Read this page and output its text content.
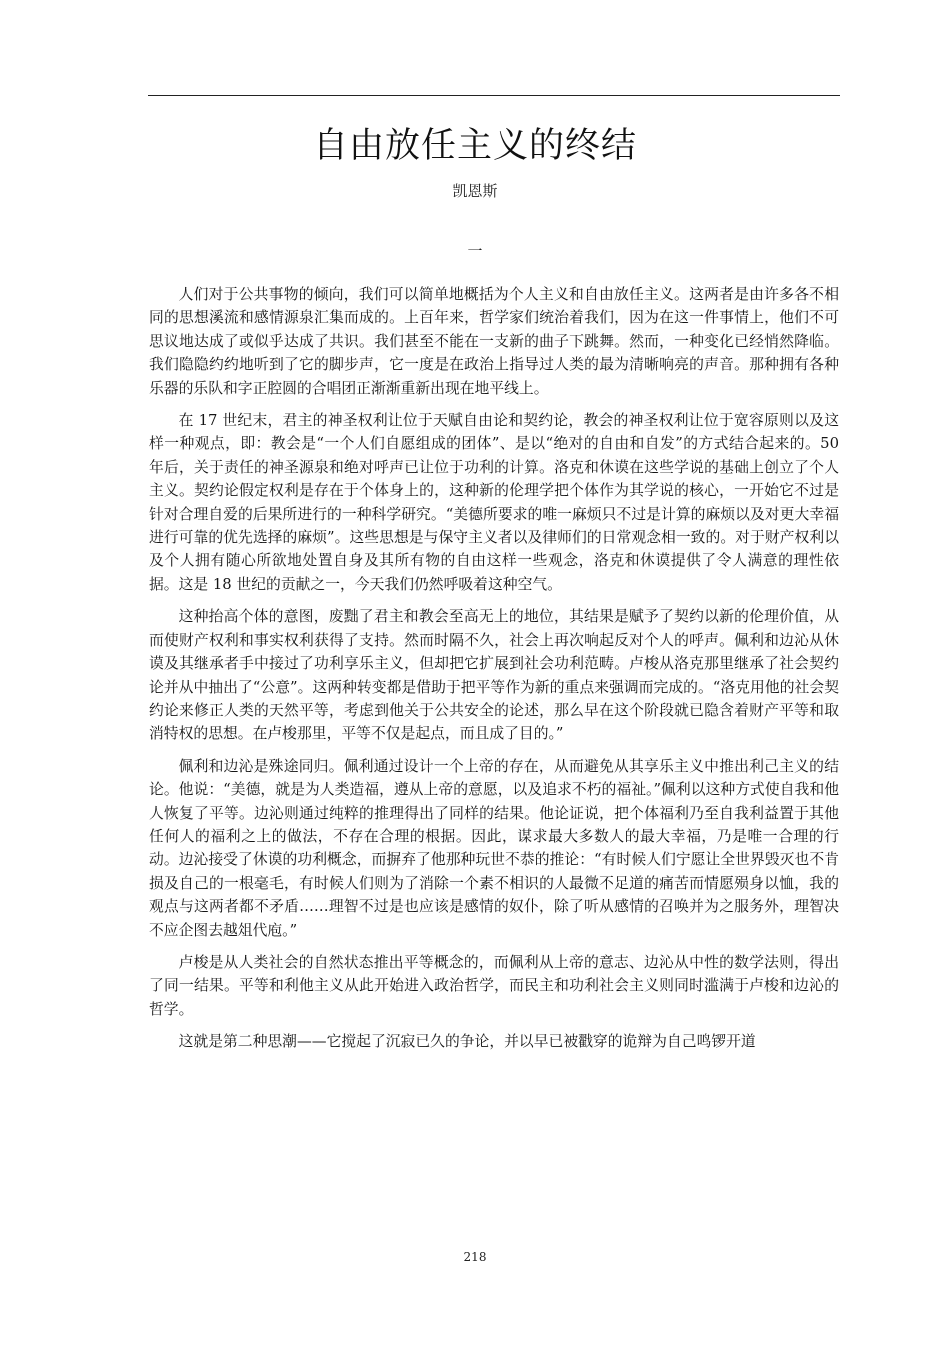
自由放任主义的终结
凯恩斯
一

人们对于公共事物的倾向，我们可以简单地概括为个人主义和自由放任主义。这两者是由许多各不相同的思想溪流和感情源泉汇集而成的。上百年来，哲学家们统治着我们，因为在这一件事情上，他们不可思议地达成了或似乎达成了共识。我们甚至不能在一支新的曲子下跳舞。然而，一种变化已经悄然降临。我们隐隐约约地听到了它的脚步声，它一度是在政治上指导过人类的最为清晰响亮的声音。那种拥有各种乐器的乐队和字正腔圆的合唱团正渐渐重新出现在地平线上。

在 17 世纪末，君主的神圣权利让位于天赋自由论和契约论，教会的神圣权利让位于宽容原则以及这样一种观点，即：教会是“一个人们自愿组成的团体”、是以“绝对的自由和自发”的方式结合起来的。50 年后，关于责任的神圣源泉和绝对呼声已让位于功利的计算。洛克和休谟在这些学说的基础上创立了个人主义。契约论假定权利是存在于个体身上的，这种新的伦理学把个体作为其学说的核心，一开始它不过是针对合理自爱的后果所进行的一种科学研究。“美德所要求的唯一麻烦只不过是计算的麻烦以及对更大幸福进行可靠的优先选择的麻烦”。这些思想是与保守主义者以及律师们的日常观念相一致的。对于财产权利以及个人拥有随心所欲地处置自身及其所有物的自由这样一些观念，洛克和休谟提供了令人满意的理性依据。这是 18 世纪的贡献之一，今天我们仍然呼吸着这种空气。

这种抬高个体的意图，废黜了君主和教会至高无上的地位，其结果是赋予了契约以新的伦理价值，从而使财产权利和事实权利获得了支持。然而时隔不久，社会上再次响起反对个人的呼声。佩利和边沁从休谟及其继承者手中接过了功利享乐主义，但却把它扩展到社会功利范畴。卢梭从洛克那里继承了社会契约论并从中抽出了“公意”。这两种转变都是借助于把平等作为新的重点来强调而完成的。“洛克用他的社会契约论来修正人类的天然平等，考虑到他关于公共安全的论述，那么早在这个阶段就已隐含着财产平等和取消特权的思想。在卢梭那里，平等不仅是起点，而且成了目的。”

佩利和边沁是殊途同归。佩利通过设计一个上帝的存在，从而避免从其享乐主义中推出利己主义的结论。他说：“美德，就是为人类造福，遵从上帝的意愿，以及追求不朽的福祉。”佩利以这种方式使自我和他人恢复了平等。边沁则通过纯粹的推理得出了同样的结果。他论证说，把个体福利乃至自我利益置于其他任何人的福利之上的做法，不存在合理的根据。因此，谋求最大多数人的最大幸福，乃是唯一合理的行动。边沁接受了休谟的功利概念，而摒弃了他那种玩世不恭的推论：“有时候人们宁愿让全世界毁灭也不肯损及自己的一根毫毛，有时候人们则为了消除一个素不相识的人最微不足道的痛苦而情愿殒身以恤，我的观点与这两者都不矛盾……理智不过是也应该是感情的奴仆，除了听从感情的召唤并为之服务外，理智决不应企图去越俎代庖。”

卢梭是从人类社会的自然状态推出平等概念的，而佩利从上帝的意志、边沁从中性的数学法则，得出了同一结果。平等和利他主义从此开始进入政治哲学，而民主和功利社会主义则同时滥满于卢梭和边沁的哲学。

这就是第二种思潮——它搅起了沉寂已久的争论，并以早已被戳穿的诡辩为自己鸣锣开道

218
